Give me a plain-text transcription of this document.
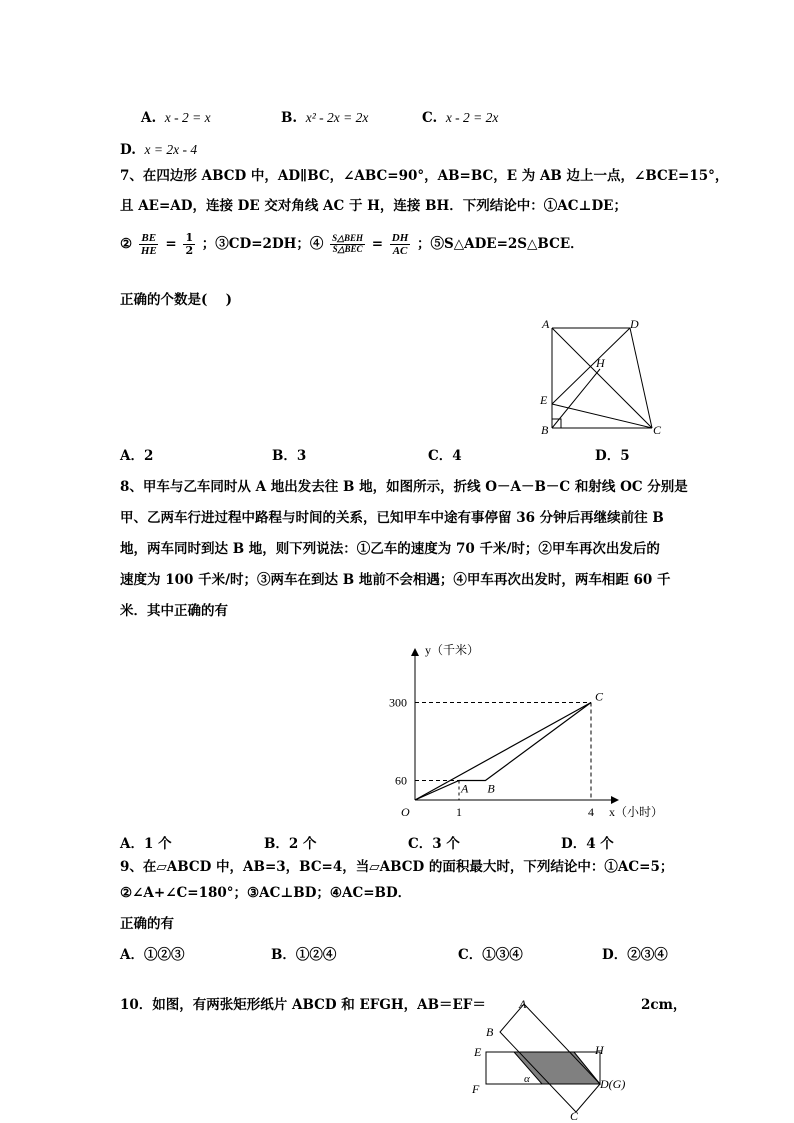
A. x - 2 = x	B. x² - 2x = 2x	C. x - 2 = 2x
D. x = 2x - 4
7、在四边形 ABCD 中，AD∥BC，∠ABC=90°，AB=BC，E 为 AB 边上一点，∠BCE=15°，
且 AE=AD，连接 DE 交对角线 AC 于 H，连接 BH．下列结论中：①AC⊥DE；
② $\frac{BE}{HE} = \frac{1}{2}$ ；③CD=2DH；④ $\frac{\text{S△BEH}}{\text{S△BEC}} = \frac{DH}{AC}$ ；⑤S△ADE=2S△BCE．
正确的个数是(　 )
A	D
H
E
B	C
A．2	B．3	C．4	D．5
8、甲车与乙车同时从 A 地出发去往 B 地，如图所示，折线 O－A－B－C 和射线 OC 分别是
甲、乙两车行进过程中路程与时间的关系，已知甲车中途有事停留 36 分钟后再继续前往 B
地，两车同时到达 B 地，则下列说法：①乙车的速度为 70 千米/时；②甲车再次出发后的
速度为 100 千米/时；③两车在到达 B 地前不会相遇；④甲车再次出发时，两车相距 60 千
米．其中正确的有
y（千米）
x（小时）
O
A B
C
1	4
60
300
A．1 个	B．2 个	C．3 个	D．4 个
9、在▱ABCD 中，AB=3，BC=4，当▱ABCD 的面积最大时，下列结论中：①AC=5；
②∠A+∠C=180°；③AC⊥BD；④AC=BD．
正确的有
A．①②③	B．①②④	C．①③④	D．②③④
10．如图，有两张矩形纸片 ABCD 和 EFGH，AB＝EF＝	2cm，
A
B
E	H
F	D(G)
C
α
